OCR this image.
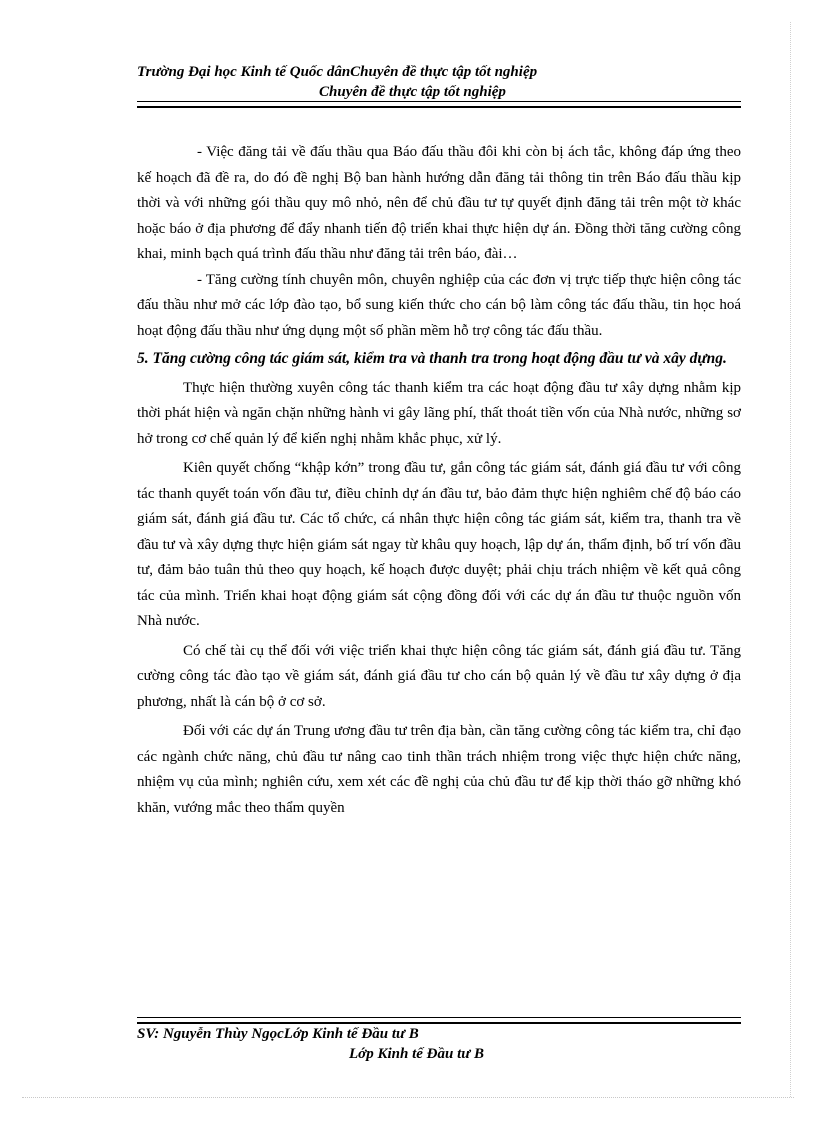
Trường Đại học Kinh tế Quốc dânChuyên đề thực tập tốt nghiệp
Chuyên đề thực tập tốt nghiệp

- Việc đăng tải về đấu thầu qua Báo đấu thầu đôi khi còn bị ách tắc, không đáp ứng theo kế hoạch đã đề ra, do đó đề nghị Bộ ban hành hướng dẫn đăng tải thông tin trên Báo đấu thầu kịp thời và với những gói thầu quy mô nhỏ, nên để chủ đầu tư tự quyết định đăng tải trên một tờ khác hoặc báo ở địa phương để đẩy nhanh tiến độ triển khai thực hiện dự án. Đồng thời tăng cường công khai, minh bạch quá trình đấu thầu như đăng tải trên báo, đài…

- Tăng cường tính chuyên môn, chuyên nghiệp của các đơn vị trực tiếp thực hiện công tác đấu thầu như mở các lớp đào tạo, bổ sung kiến thức cho cán bộ làm công tác đấu thầu, tin học hoá hoạt động đấu thầu như ứng dụng một số phần mềm hỗ trợ công tác đấu thầu.

5. Tăng cường công tác giám sát, kiểm tra và thanh tra trong hoạt động đầu tư và xây dựng.

Thực hiện thường xuyên công tác thanh kiểm tra các hoạt động đầu tư xây dựng nhằm kịp thời phát hiện và ngăn chặn những hành vi gây lãng phí, thất thoát tiền vốn của Nhà nước, những sơ hở trong cơ chế quản lý để kiến nghị nhằm khắc phục, xử lý.

Kiên quyết chống “khập kớn” trong đầu tư, gắn công tác giám sát, đánh giá đầu tư với công tác thanh quyết toán vốn đầu tư, điều chỉnh dự án đầu tư, bảo đảm thực hiện nghiêm chế độ báo cáo giám sát, đánh giá đầu tư. Các tổ chức, cá nhân thực hiện công tác giám sát, kiểm tra, thanh tra về đầu tư và xây dựng thực hiện giám sát ngay từ khâu quy hoạch, lập dự án, thẩm định, bố trí vốn đầu tư, đảm bảo tuân thủ theo quy hoạch, kế hoạch được duyệt; phải chịu trách nhiệm về kết quả công tác của mình. Triển khai hoạt động giám sát cộng đồng đối với các dự án đầu tư thuộc nguồn vốn Nhà nước.

Có chế tài cụ thể đối với việc triển khai thực hiện công tác giám sát, đánh giá đầu tư. Tăng cường công tác đào tạo về giám sát, đánh giá đầu tư cho cán bộ quản lý về đầu tư xây dựng ở địa phương, nhất là cán bộ ở cơ sở.

Đối với các dự án Trung ương đầu tư trên địa bàn, cần tăng cường công tác kiểm tra, chỉ đạo các ngành chức năng, chủ đầu tư nâng cao tinh thần trách nhiệm trong việc thực hiện chức năng, nhiệm vụ của mình; nghiên cứu, xem xét các đề nghị của chủ đầu tư để kịp thời tháo gỡ những khó khăn, vướng mắc theo thẩm quyền

SV: Nguyễn Thùy NgọcLớp Kinh tế Đầu tư B
Lớp Kinh tế Đầu tư B
